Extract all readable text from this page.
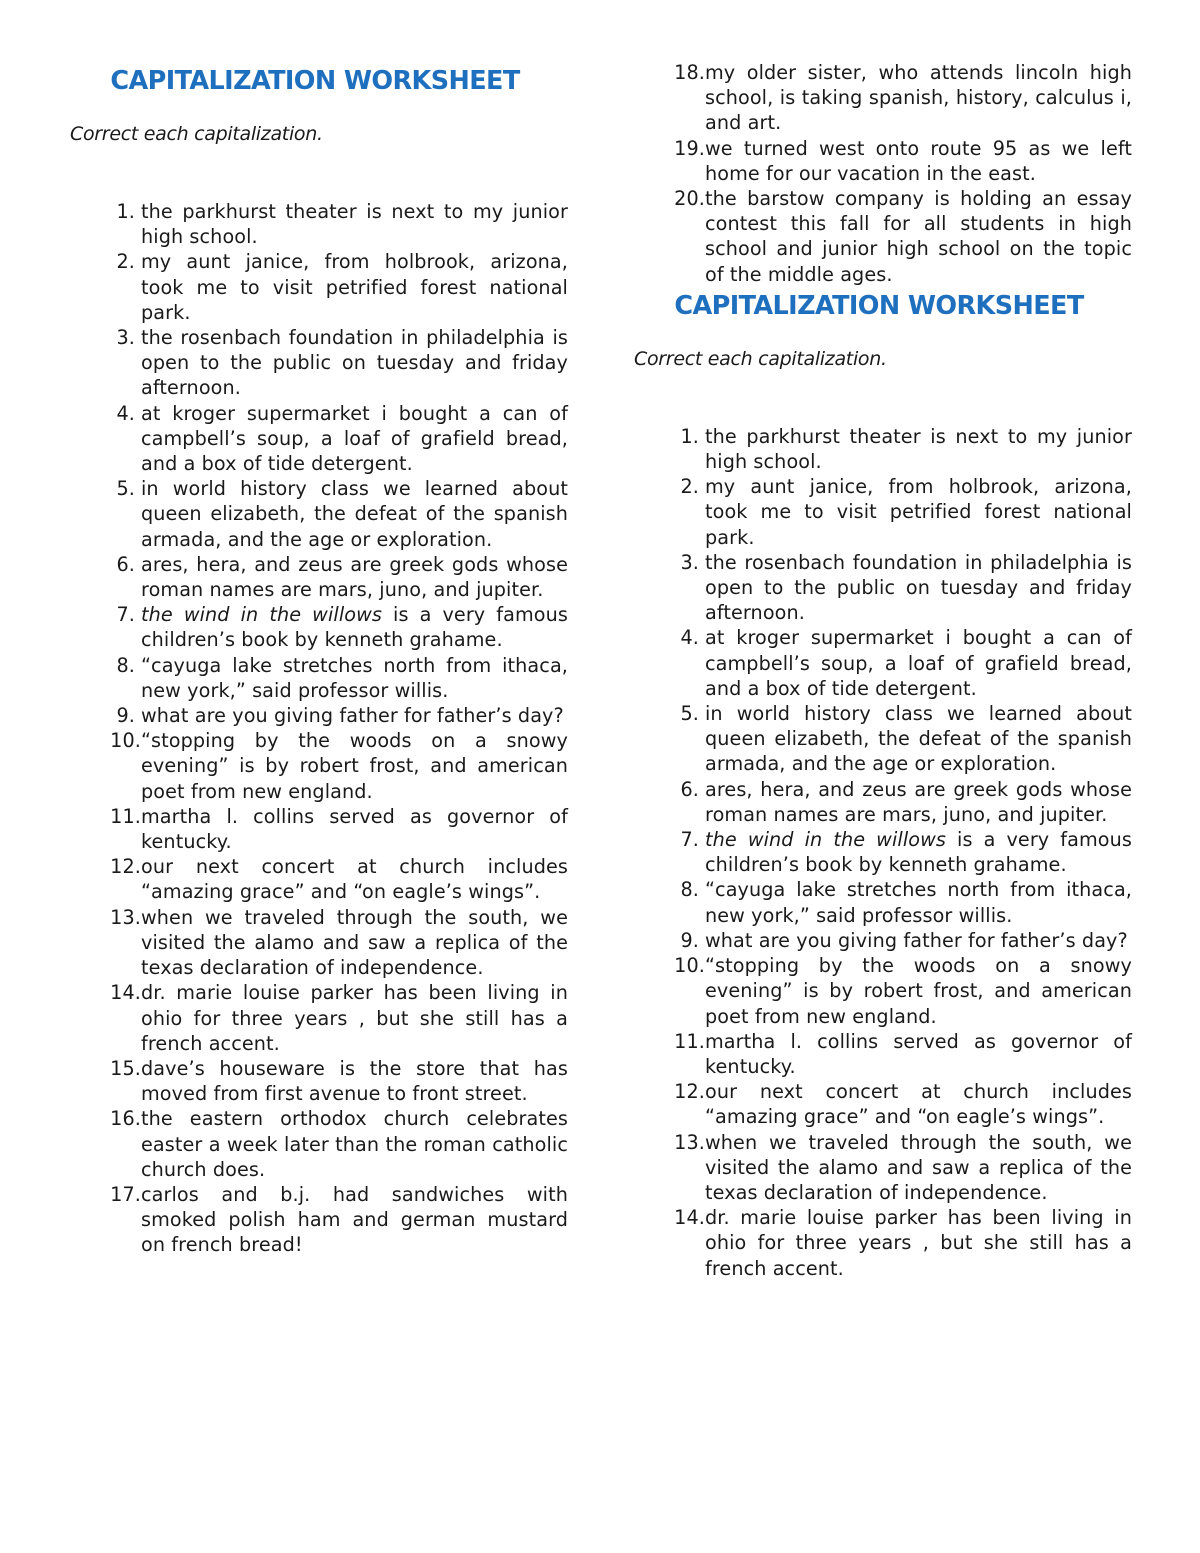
CAPITALIZATION WORKSHEET

Correct each capitalization.

1. the parkhurst theater is next to my junior high school.
2. my aunt janice, from holbrook, arizona, took me to visit petrified forest national park.
3. the rosenbach foundation in philadelphia is open to the public on tuesday and friday afternoon.
4. at kroger supermarket i bought a can of campbell’s soup, a loaf of grafield bread, and a box of tide detergent.
5. in world history class we learned about queen elizabeth, the defeat of the spanish armada, and the age or exploration.
6. ares, hera, and zeus are greek gods whose roman names are mars, juno, and jupiter.
7. the wind in the willows is a very famous children’s book by kenneth grahame.
8. “cayuga lake stretches north from ithaca, new york,” said professor willis.
9. what are you giving father for father’s day?
10. “stopping by the woods on a snowy evening” is by robert frost, and american poet from new england.
11. martha l. collins served as governor of kentucky.
12. our next concert at church includes “amazing grace” and “on eagle’s wings”.
13. when we traveled through the south, we visited the alamo and saw a replica of the texas declaration of independence.
14. dr. marie louise parker has been living in ohio for three years , but she still has a french accent.
15. dave’s houseware is the store that has moved from first avenue to front street.
16. the eastern orthodox church celebrates easter a week later than the roman catholic church does.
17. carlos and b.j. had sandwiches with smoked polish ham and german mustard on french bread!
18. my older sister, who attends lincoln high school, is taking spanish, history, calculus i, and art.
19. we turned west onto route 95 as we left home for our vacation in the east.
20. the barstow company is holding an essay contest this fall for all students in high school and junior high school on the topic of the middle ages.
CAPITALIZATION WORKSHEET

Correct each capitalization.

1. the parkhurst theater is next to my junior high school.
2. my aunt janice, from holbrook, arizona, took me to visit petrified forest national park.
3. the rosenbach foundation in philadelphia is open to the public on tuesday and friday afternoon.
4. at kroger supermarket i bought a can of campbell’s soup, a loaf of grafield bread, and a box of tide detergent.
5. in world history class we learned about queen elizabeth, the defeat of the spanish armada, and the age or exploration.
6. ares, hera, and zeus are greek gods whose roman names are mars, juno, and jupiter.
7. the wind in the willows is a very famous children’s book by kenneth grahame.
8. “cayuga lake stretches north from ithaca, new york,” said professor willis.
9. what are you giving father for father’s day?
10. “stopping by the woods on a snowy evening” is by robert frost, and american poet from new england.
11. martha l. collins served as governor of kentucky.
12. our next concert at church includes “amazing grace” and “on eagle’s wings”.
13. when we traveled through the south, we visited the alamo and saw a replica of the texas declaration of independence.
14. dr. marie louise parker has been living in ohio for three years , but she still has a french accent.
